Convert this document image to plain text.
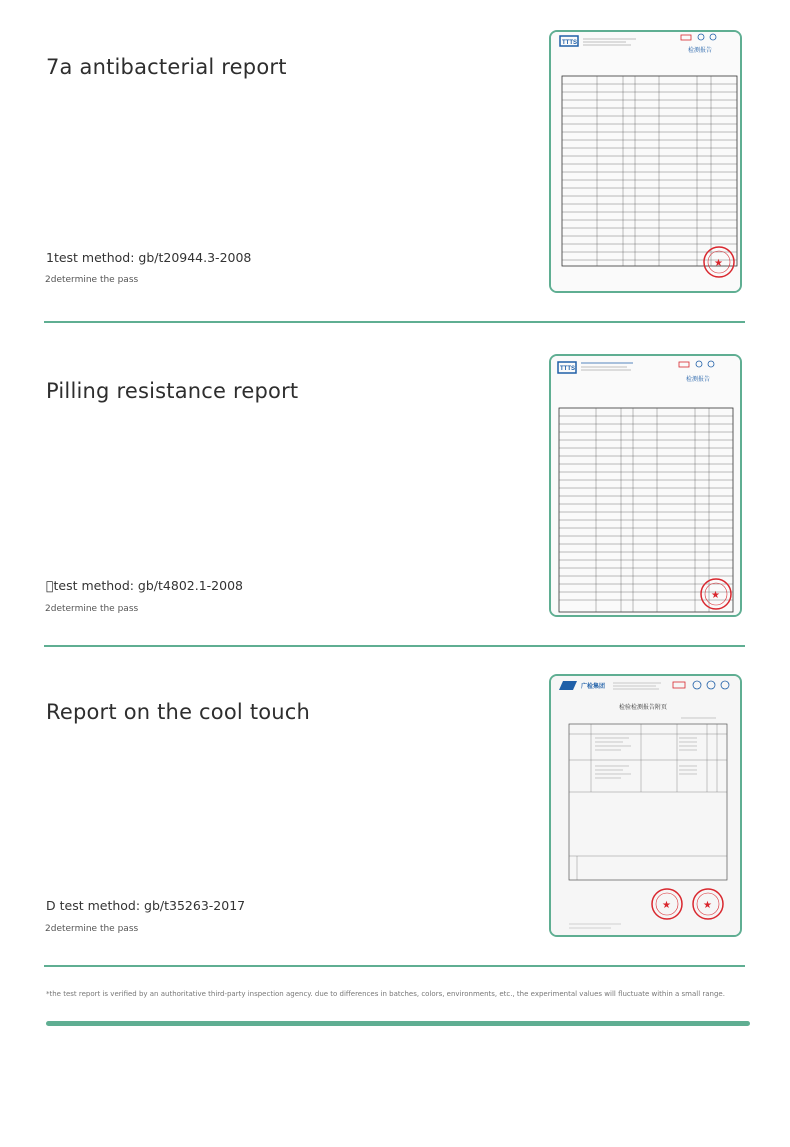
7a antibacterial report
1test method: gb/t20944.3-2008
2determine the pass
TTTS
检测报告
★
Pilling resistance report
 test method: gb/t4802.1-2008
2determine the pass
TTTS
检测报告
★
Report on the cool touch
D test method: gb/t35263-2017
2determine the pass
广检集团
检验检测报告附页
★	★
*the test report is verified by an authoritative third-party inspection agency. due to differences in batches, colors, environments, etc., the experimental values will fluctuate within a small range.
